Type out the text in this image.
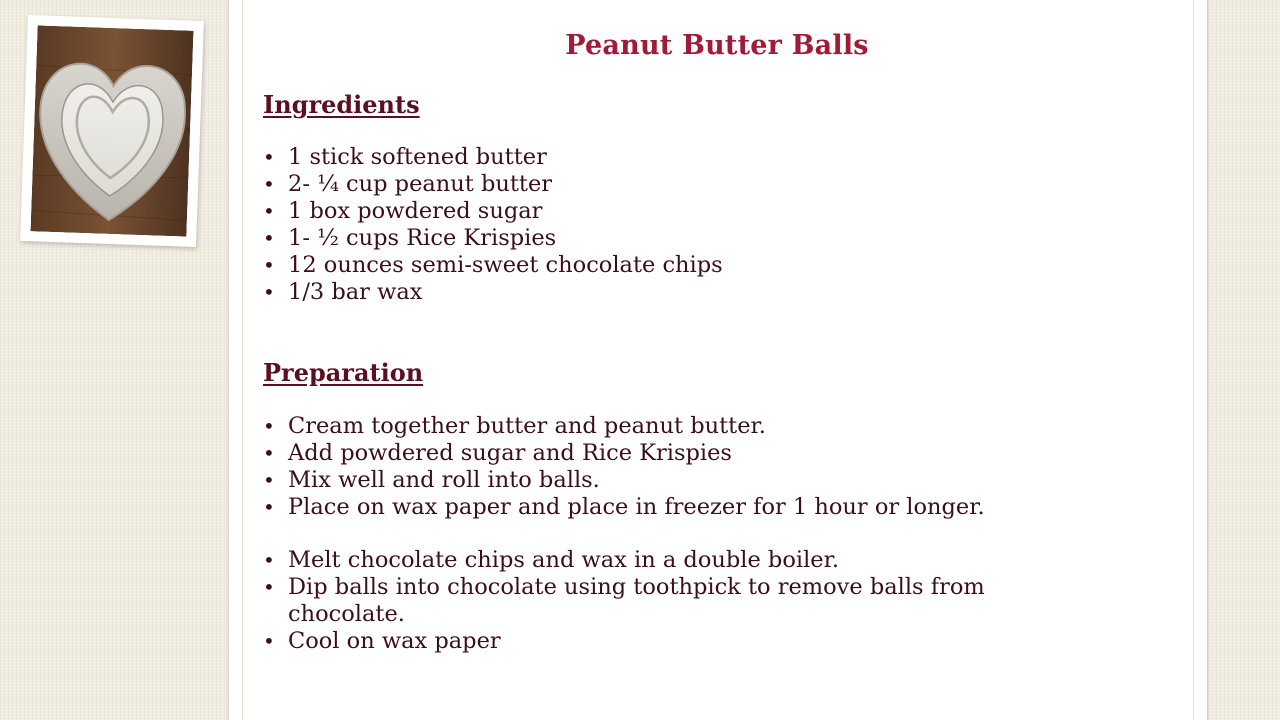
Peanut Butter Balls
Ingredients
• 1 stick softened butter
• 2- ¼ cup peanut butter
• 1 box powdered sugar
• 1- ½ cups Rice Krispies
• 12 ounces semi-sweet chocolate chips
• 1/3 bar wax
Preparation
• Cream together butter and peanut butter.
• Add powdered sugar and Rice Krispies
• Mix well and roll into balls.
• Place on wax paper and place in freezer for 1 hour or longer.
• Melt chocolate chips and wax in a double boiler.
• Dip balls into chocolate using toothpick to remove balls from chocolate.
• Cool on wax paper
